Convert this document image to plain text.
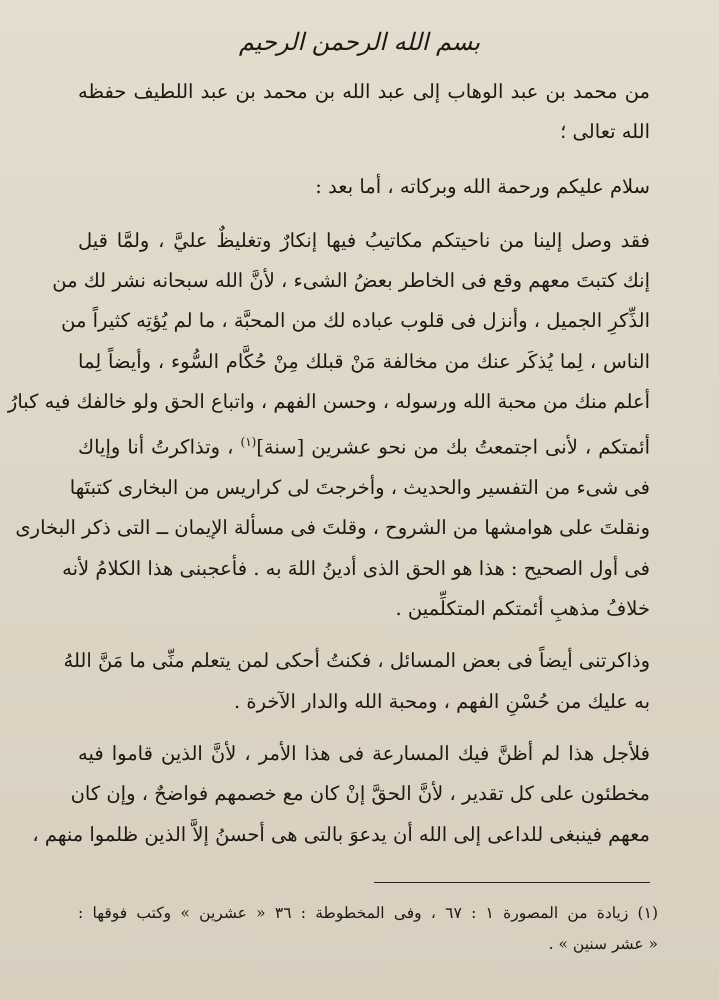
بسم الله الرحمن الرحيم
من محمد بن عبد الوهاب إلى عبد الله بن محمد بن عبد اللطيف حفظه
الله تعالى ؛
سلام عليكم ورحمة الله وبركاته ، أما بعد :
فقد وصل إلينا من ناحيتكم مكاتيبُ فيها إنكارٌ وتغليظٌ عليَّ ، ولمَّا قيل
إنك كتبتَ معهم وقع فى الخاطر بعضُ الشىء ، لأنَّ الله سبحانه نشر لك من
الذِّكرِ الجميل ، وأنزل فى قلوب عباده لك من المحبَّة ، ما لم يُؤتِه كثيراً من
الناس ، لِما يُذكَر عنك من مخالفة مَنْ قبلك مِنْ حُكَّام السُّوء ، وأيضاً لِما
أعلم منك من محبة الله ورسوله ، وحسن الفهم ، واتباع الحق ولو خالفك فيه كبارُ
أئمتكم ، لأنى اجتمعتُ بك من نحو عشرين [سنة]$^{(١)}$ ، وتذاكرتُ أنا وإياك
فى شىء من التفسير والحديث ، وأخرجتَ لى كراريس من البخارى كتبتَها
ونقلتَ على هوامشها من الشروح ، وقلتَ فى مسألة الإيمان ــ التى ذكر البخارى
فى أول الصحيح : هذا هو الحق الذى أدينُ اللهَ به . فأعجبنى هذا الكلامُ لأنه
خلافُ مذهبِ أئمتكم المتكلِّمين .
وذاكرتنى أيضاً فى بعض المسائل ، فكنتُ أحكى لمن يتعلم منِّى ما مَنَّ اللهُ
به عليك من حُسْنِ الفهم ، ومحبة الله والدار الآخرة .
فلأجل هذا لم أظنَّ فيك المسارعة فى هذا الأمر ، لأنَّ الذين قاموا فيه
مخطئون على كل تقدير ، لأنَّ الحقَّ إنْ كان مع خصمهم فواضحٌ ، وإن كان
معهم فينبغى للداعى إلى الله أن يدعوَ بالتى هى أحسنُ إلاَّ الذين ظلموا منهم ،
(١) زيادة من المصورة ١ : ٦٧ ، وفى المخطوطة : ٣٦ « عشرين » وكتب فوقها :
« عشر سنين » .
